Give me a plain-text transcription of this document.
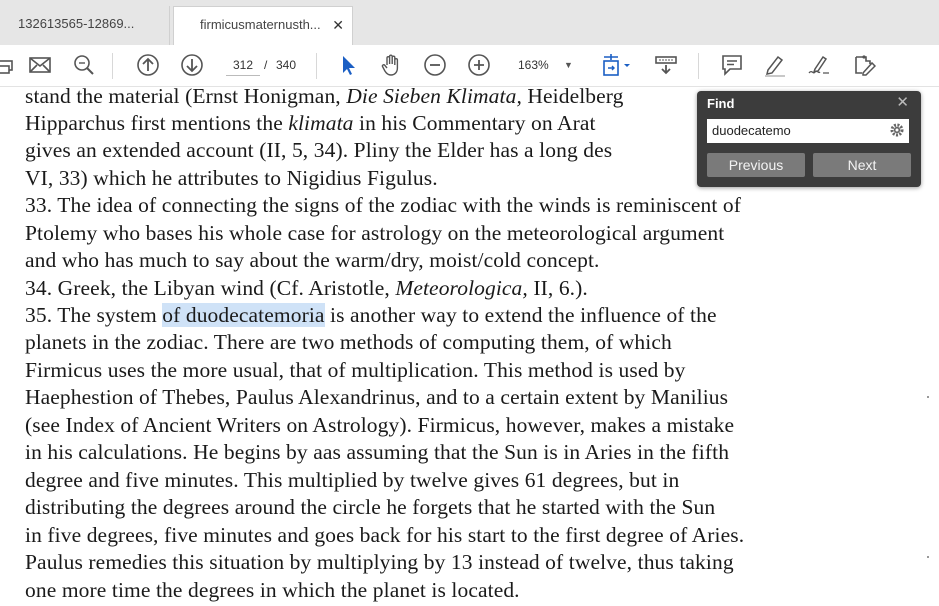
132613565-12869...	firmicusmaternusth... ✕
312 / 340	163% ▼
stand the material (Ernst Honigman, Die Sieben Klimata, Heidelberg
Hipparchus first mentions the klimata in his Commentary on Arat
gives an extended account (II, 5, 34). Pliny the Elder has a long des
VI, 33) which he attributes to Nigidius Figulus.
33. The idea of connecting the signs of the zodiac with the winds is reminiscent of
Ptolemy who bases his whole case for astrology on the meteorological argument
and who has much to say about the warm/dry, moist/cold concept.
34. Greek, the Libyan wind (Cf. Aristotle, Meteorologica, II, 6.).
35. The system of duodecatemoria is another way to extend the influence of the
planets in the zodiac. There are two methods of computing them, of which
Firmicus uses the more usual, that of multiplication. This method is used by
Haephestion of Thebes, Paulus Alexandrinus, and to a certain extent by Manilius
(see Index of Ancient Writers on Astrology). Firmicus, however, makes a mistake
in his calculations. He begins by aas assuming that the Sun is in Aries in the fifth
degree and five minutes. This multiplied by twelve gives 61 degrees, but in
distributing the degrees around the circle he forgets that he started with the Sun
in five degrees, five minutes and goes back for his start to the first degree of Aries.
Paulus remedies this situation by multiplying by 13 instead of twelve, thus taking
one more time the degrees in which the planet is located.
Find	✕
duodecatemo
Previous	Next
